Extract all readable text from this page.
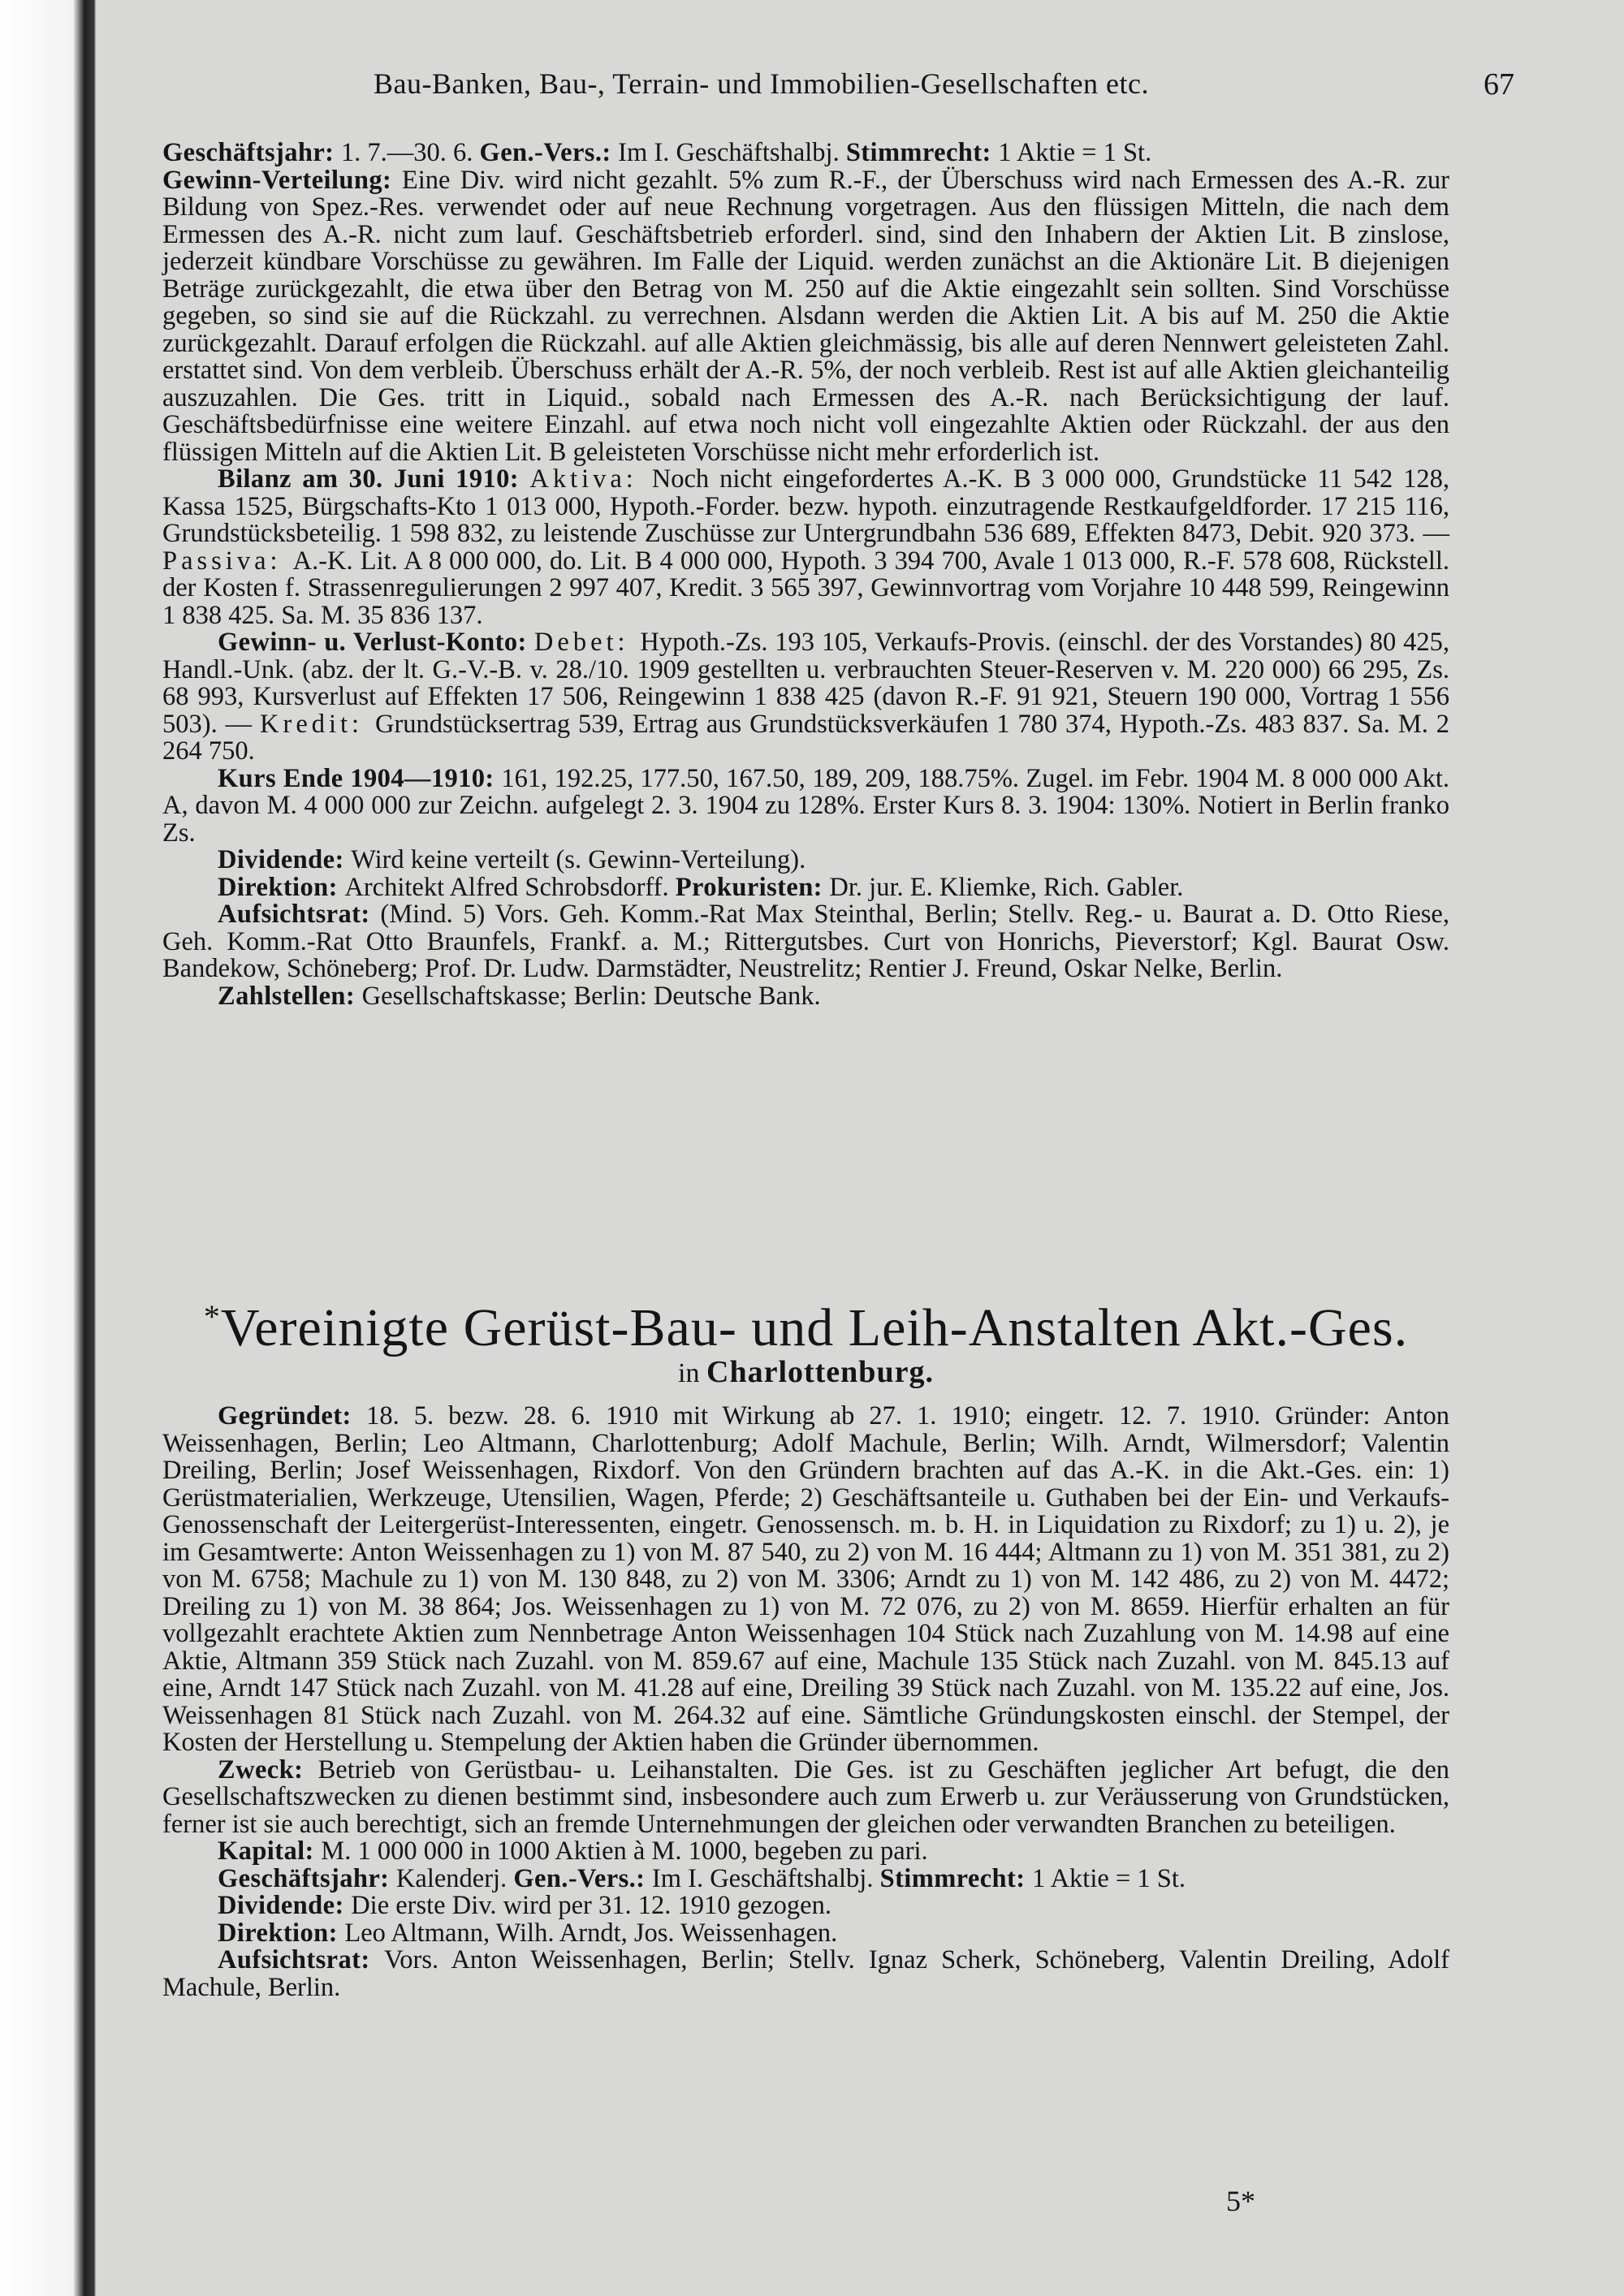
Bau-Banken, Bau-, Terrain- und Immobilien-Gesellschaften etc.	67

Geschäftsjahr: 1. 7.—30. 6. Gen.-Vers.: Im I. Geschäftshalbj. Stimmrecht: 1 Aktie = 1 St.

Gewinn-Verteilung: Eine Div. wird nicht gezahlt. 5% zum R.-F., der Überschuss wird nach Ermessen des A.-R. zur Bildung von Spez.-Res. verwendet oder auf neue Rechnung vorgetragen. Aus den flüssigen Mitteln, die nach dem Ermessen des A.-R. nicht zum lauf. Geschäftsbetrieb erforderl. sind, sind den Inhabern der Aktien Lit. B zinslose, jederzeit kündbare Vorschüsse zu gewähren. Im Falle der Liquid. werden zunächst an die Aktionäre Lit. B diejenigen Beträge zurückgezahlt, die etwa über den Betrag von M. 250 auf die Aktie eingezahlt sein sollten. Sind Vorschüsse gegeben, so sind sie auf die Rückzahl. zu verrechnen. Alsdann werden die Aktien Lit. A bis auf M. 250 die Aktie zurückgezahlt. Darauf erfolgen die Rückzahl. auf alle Aktien gleichmässig, bis alle auf deren Nennwert geleisteten Zahl. erstattet sind. Von dem verbleib. Überschuss erhält der A.-R. 5%, der noch verbleib. Rest ist auf alle Aktien gleichanteilig auszuzahlen. Die Ges. tritt in Liquid., sobald nach Ermessen des A.-R. nach Berücksichtigung der lauf. Geschäftsbedürfnisse eine weitere Einzahl. auf etwa noch nicht voll eingezahlte Aktien oder Rückzahl. der aus den flüssigen Mitteln auf die Aktien Lit. B geleisteten Vorschüsse nicht mehr erforderlich ist.

Bilanz am 30. Juni 1910: Aktiva: Noch nicht eingefordertes A.-K. B 3 000 000, Grundstücke 11 542 128, Kassa 1525, Bürgschafts-Kto 1 013 000, Hypoth.-Forder. bezw. hypoth. einzutragende Restkaufgeldforder. 17 215 116, Grundstücksbeteilig. 1 598 832, zu leistende Zuschüsse zur Untergrundbahn 536 689, Effekten 8473, Debit. 920 373. — Passiva: A.-K. Lit. A 8 000 000, do. Lit. B 4 000 000, Hypoth. 3 394 700, Avale 1 013 000, R.-F. 578 608, Rückstell. der Kosten f. Strassenregulierungen 2 997 407, Kredit. 3 565 397, Gewinnvortrag vom Vorjahre 10 448 599, Reingewinn 1 838 425. Sa. M. 35 836 137.

Gewinn- u. Verlust-Konto: Debet: Hypoth.-Zs. 193 105, Verkaufs-Provis. (einschl. der des Vorstandes) 80 425, Handl.-Unk. (abz. der lt. G.-V.-B. v. 28./10. 1909 gestellten u. verbrauchten Steuer-Reserven v. M. 220 000) 66 295, Zs. 68 993, Kursverlust auf Effekten 17 506, Reingewinn 1 838 425 (davon R.-F. 91 921, Steuern 190 000, Vortrag 1 556 503). — Kredit: Grundstücksertrag 539, Ertrag aus Grundstücksverkäufen 1 780 374, Hypoth.-Zs. 483 837. Sa. M. 2 264 750.

Kurs Ende 1904—1910: 161, 192.25, 177.50, 167.50, 189, 209, 188.75%. Zugel. im Febr. 1904 M. 8 000 000 Akt. A, davon M. 4 000 000 zur Zeichn. aufgelegt 2. 3. 1904 zu 128%. Erster Kurs 8. 3. 1904: 130%. Notiert in Berlin franko Zs.

Dividende: Wird keine verteilt (s. Gewinn-Verteilung).

Direktion: Architekt Alfred Schrobsdorff. Prokuristen: Dr. jur. E. Kliemke, Rich. Gabler.

Aufsichtsrat: (Mind. 5) Vors. Geh. Komm.-Rat Max Steinthal, Berlin; Stellv. Reg.- u. Baurat a. D. Otto Riese, Geh. Komm.-Rat Otto Braunfels, Frankf. a. M.; Rittergutsbes. Curt von Honrichs, Pieverstorf; Kgl. Baurat Osw. Bandekow, Schöneberg; Prof. Dr. Ludw. Darmstädter, Neustrelitz; Rentier J. Freund, Oskar Nelke, Berlin.

Zahlstellen: Gesellschaftskasse; Berlin: Deutsche Bank.

*Vereinigte Gerüst-Bau- und Leih-Anstalten Akt.-Ges.
in Charlottenburg.

Gegründet: 18. 5. bezw. 28. 6. 1910 mit Wirkung ab 27. 1. 1910; eingetr. 12. 7. 1910. Gründer: Anton Weissenhagen, Berlin; Leo Altmann, Charlottenburg; Adolf Machule, Berlin; Wilh. Arndt, Wilmersdorf; Valentin Dreiling, Berlin; Josef Weissenhagen, Rixdorf. Von den Gründern brachten auf das A.-K. in die Akt.-Ges. ein: 1) Gerüstmaterialien, Werkzeuge, Utensilien, Wagen, Pferde; 2) Geschäftsanteile u. Guthaben bei der Ein- und Verkaufs-Genossenschaft der Leitergerüst-Interessenten, eingetr. Genossensch. m. b. H. in Liquidation zu Rixdorf; zu 1) u. 2), je im Gesamtwerte: Anton Weissenhagen zu 1) von M. 87 540, zu 2) von M. 16 444; Altmann zu 1) von M. 351 381, zu 2) von M. 6758; Machule zu 1) von M. 130 848, zu 2) von M. 3306; Arndt zu 1) von M. 142 486, zu 2) von M. 4472; Dreiling zu 1) von M. 38 864; Jos. Weissenhagen zu 1) von M. 72 076, zu 2) von M. 8659. Hierfür erhalten an für vollgezahlt erachtete Aktien zum Nennbetrage Anton Weissenhagen 104 Stück nach Zuzahlung von M. 14.98 auf eine Aktie, Altmann 359 Stück nach Zuzahl. von M. 859.67 auf eine, Machule 135 Stück nach Zuzahl. von M. 845.13 auf eine, Arndt 147 Stück nach Zuzahl. von M. 41.28 auf eine, Dreiling 39 Stück nach Zuzahl. von M. 135.22 auf eine, Jos. Weissenhagen 81 Stück nach Zuzahl. von M. 264.32 auf eine. Sämtliche Gründungskosten einschl. der Stempel, der Kosten der Herstellung u. Stempelung der Aktien haben die Gründer übernommen.

Zweck: Betrieb von Gerüstbau- u. Leihanstalten. Die Ges. ist zu Geschäften jeglicher Art befugt, die den Gesellschaftszwecken zu dienen bestimmt sind, insbesondere auch zum Erwerb u. zur Veräusserung von Grundstücken, ferner ist sie auch berechtigt, sich an fremde Unternehmungen der gleichen oder verwandten Branchen zu beteiligen.

Kapital: M. 1 000 000 in 1000 Aktien à M. 1000, begeben zu pari.

Geschäftsjahr: Kalenderj. Gen.-Vers.: Im I. Geschäftshalbj. Stimmrecht: 1 Aktie = 1 St.

Dividende: Die erste Div. wird per 31. 12. 1910 gezogen.

Direktion: Leo Altmann, Wilh. Arndt, Jos. Weissenhagen.

Aufsichtsrat: Vors. Anton Weissenhagen, Berlin; Stellv. Ignaz Scherk, Schöneberg, Valentin Dreiling, Adolf Machule, Berlin.

5*
